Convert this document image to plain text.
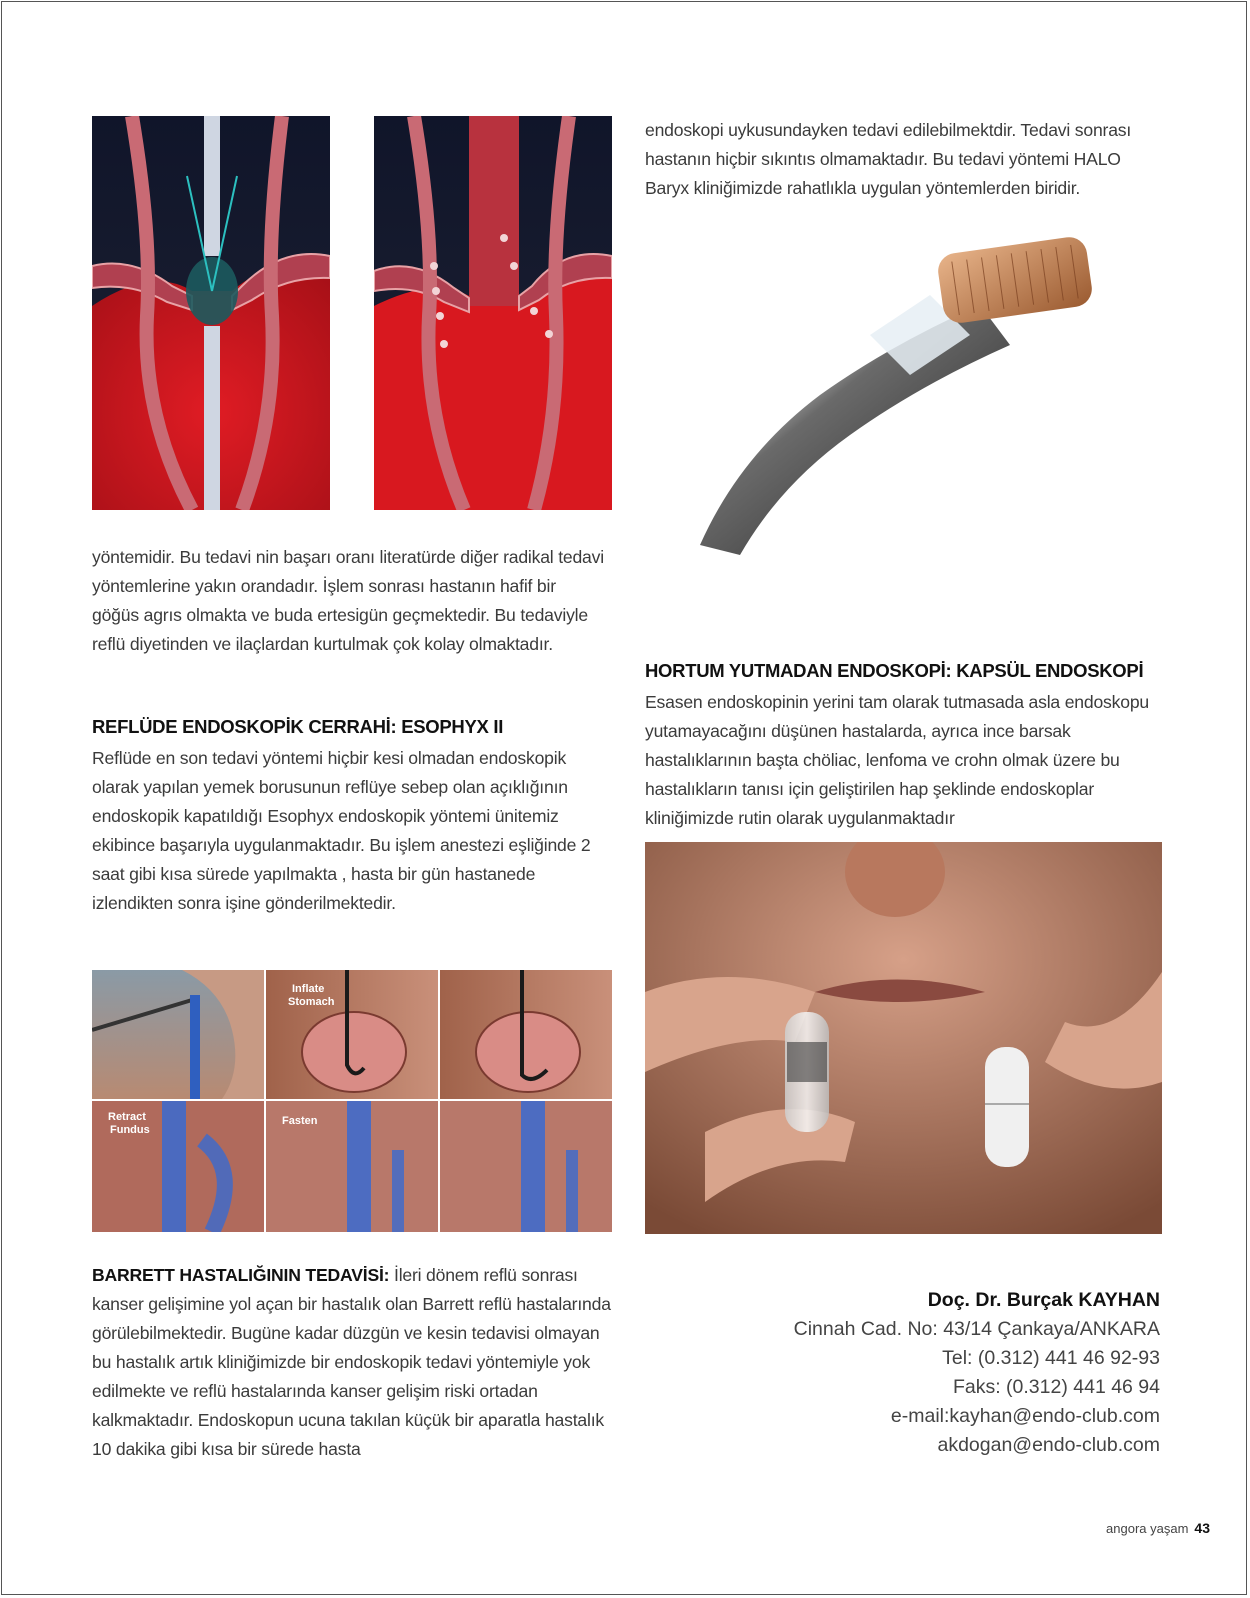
endoskopi uykusundayken tedavi edilebilmektdir. Tedavi sonrası hastanın hiçbir sıkıntıs olmamaktadır. Bu tedavi yöntemi HALO Baryx kliniğimizde rahatlıkla uygulan yöntemlerden biridir.

yöntemidir. Bu tedavi nin başarı oranı literatürde diğer radikal tedavi yöntemlerine yakın orandadır. İşlem sonrası hastanın hafif bir göğüs agrıs olmakta ve buda ertesigün geçmektedir. Bu tedaviyle reflü diyetinden ve ilaçlardan kurtulmak çok kolay olmaktadır.

REFLÜDE ENDOSKOPİK CERRAHİ: ESOPHYX II

Reflüde en son tedavi yöntemi hiçbir kesi olmadan endoskopik olarak yapılan yemek borusunun reflüye sebep olan açıklığının endoskopik kapatıldığı Esophyx endoskopik yöntemi ünitemiz ekibince başarıyla uygulanmaktadır. Bu işlem anestezi eşliğinde 2 saat gibi kısa sürede yapılmakta , hasta bir gün hastanede izlendikten sonra işine gönderilmektedir.

HORTUM YUTMADAN ENDOSKOPİ: KAPSÜL ENDOSKOPİ

Esasen endoskopinin yerini tam olarak tutmasada asla endoskopu yutamayacağını düşünen hastalarda, ayrıca ince barsak hastalıklarının başta chöliac, lenfoma ve crohn olmak üzere bu hastalıkların tanısı için geliştirilen hap şeklinde endoskoplar kliniğimizde rutin olarak uygulanmaktadır

Inflate Stomach
Retract Fundus
Fasten

BARRETT HASTALIĞININ TEDAVİSİ: İleri dönem reflü sonrası kanser gelişimine yol açan bir hastalık olan Barrett reflü hastalarında görülebilmektedir. Bugüne kadar düzgün ve kesin tedavisi olmayan bu hastalık artık kliniğimizde bir endoskopik tedavi yöntemiyle yok edilmekte ve reflü hastalarında kanser gelişim riski ortadan kalkmaktadır. Endoskopun ucuna takılan küçük bir aparatla hastalık 10 dakika gibi kısa bir sürede hasta

Doç. Dr. Burçak KAYHAN
Cinnah Cad. No: 43/14 Çankaya/ANKARA
Tel: (0.312) 441 46 92-93
Faks: (0.312) 441 46 94
e-mail:kayhan@endo-club.com
akdogan@endo-club.com
angora yaşam 43
